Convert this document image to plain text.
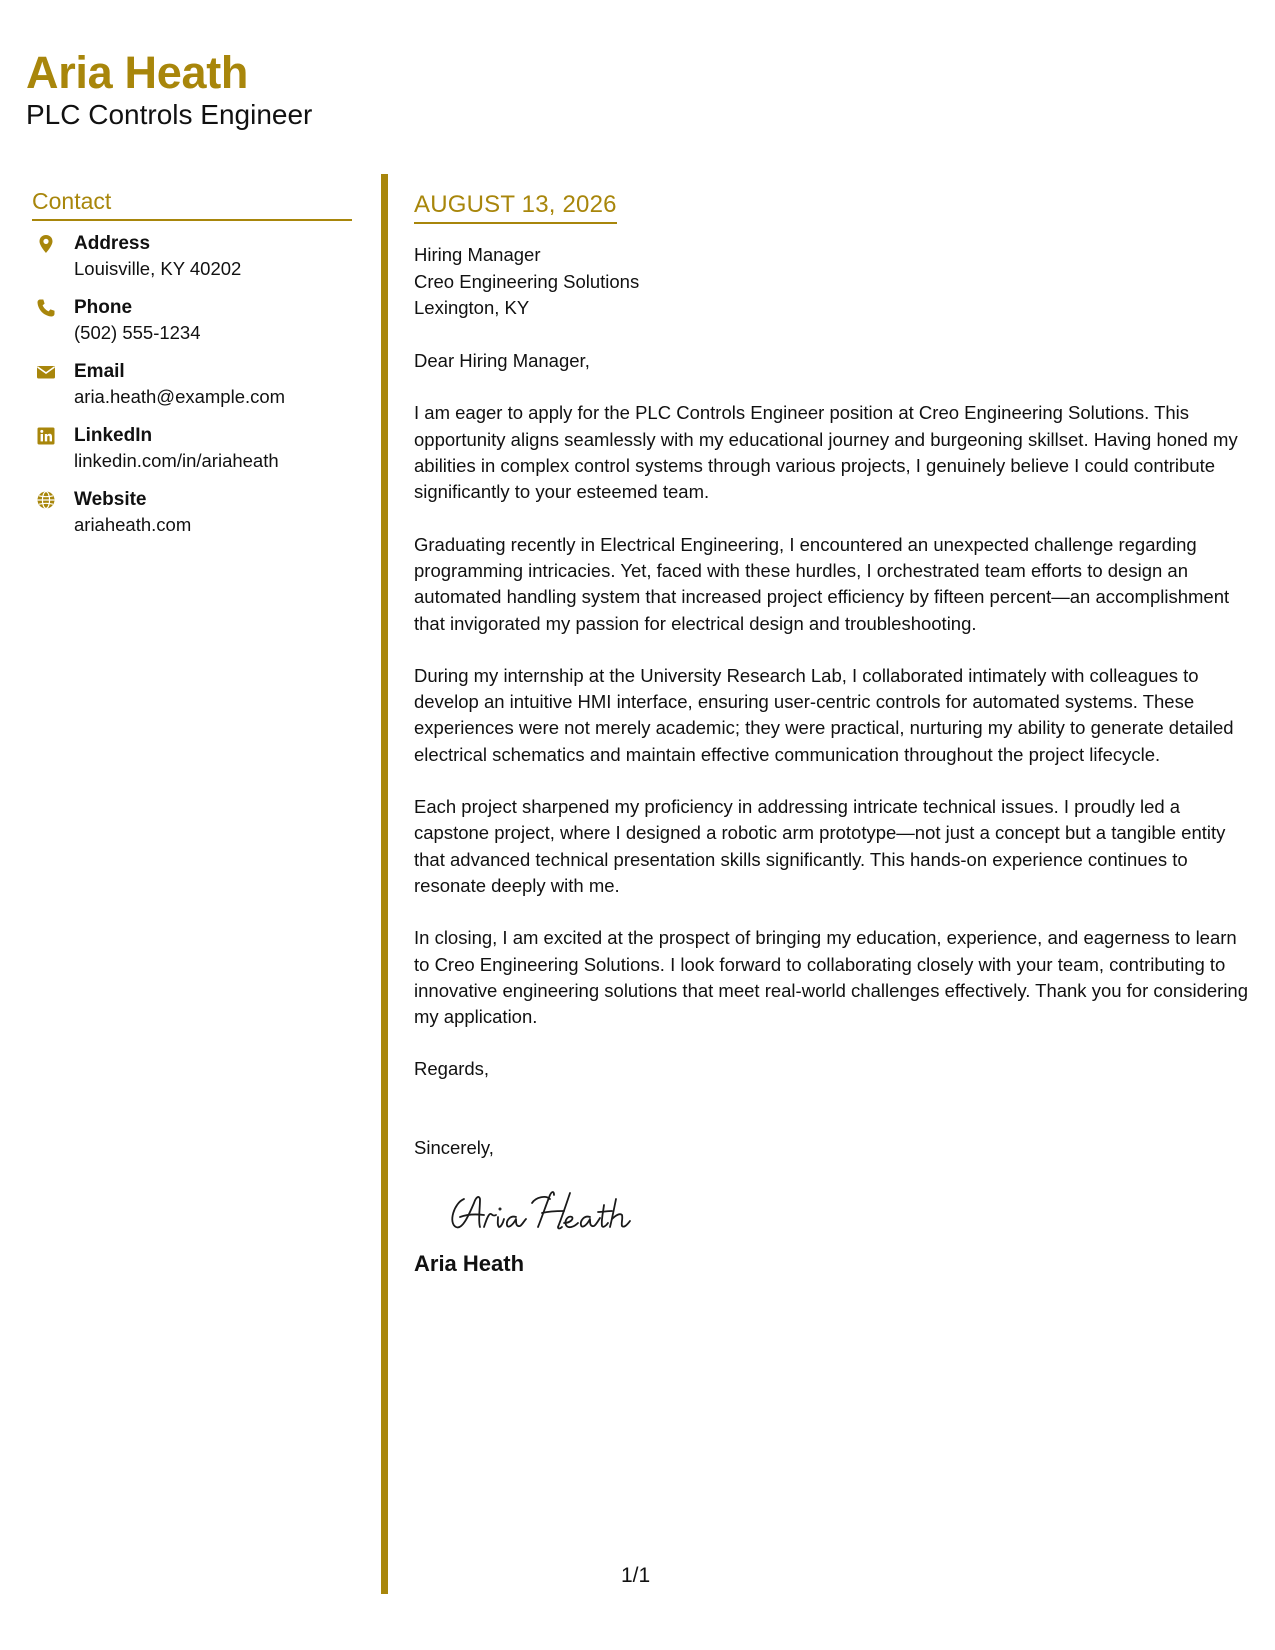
Aria Heath
PLC Controls Engineer
Contact
Address
Louisville, KY 40202
Phone
(502) 555-1234
Email
aria.heath@example.com
LinkedIn
linkedin.com/in/ariaheath
Website
ariaheath.com
AUGUST 13, 2026
Hiring Manager
Creo Engineering Solutions
Lexington, KY
Dear Hiring Manager,

I am eager to apply for the PLC Controls Engineer position at Creo Engineering Solutions. This opportunity aligns seamlessly with my educational journey and burgeoning skillset. Having honed my abilities in complex control systems through various projects, I genuinely believe I could contribute significantly to your esteemed team.

Graduating recently in Electrical Engineering, I encountered an unexpected challenge regarding programming intricacies. Yet, faced with these hurdles, I orchestrated team efforts to design an automated handling system that increased project efficiency by fifteen percent—an accomplishment that invigorated my passion for electrical design and troubleshooting.

During my internship at the University Research Lab, I collaborated intimately with colleagues to develop an intuitive HMI interface, ensuring user-centric controls for automated systems. These experiences were not merely academic; they were practical, nurturing my ability to generate detailed electrical schematics and maintain effective communication throughout the project lifecycle.

Each project sharpened my proficiency in addressing intricate technical issues. I proudly led a capstone project, where I designed a robotic arm prototype—not just a concept but a tangible entity that advanced technical presentation skills significantly. This hands-on experience continues to resonate deeply with me.

In closing, I am excited at the prospect of bringing my education, experience, and eagerness to learn to Creo Engineering Solutions. I look forward to collaborating closely with your team, contributing to innovative engineering solutions that meet real-world challenges effectively. Thank you for considering my application.

Regards,
Sincerely,
Aria Heath
1/1
